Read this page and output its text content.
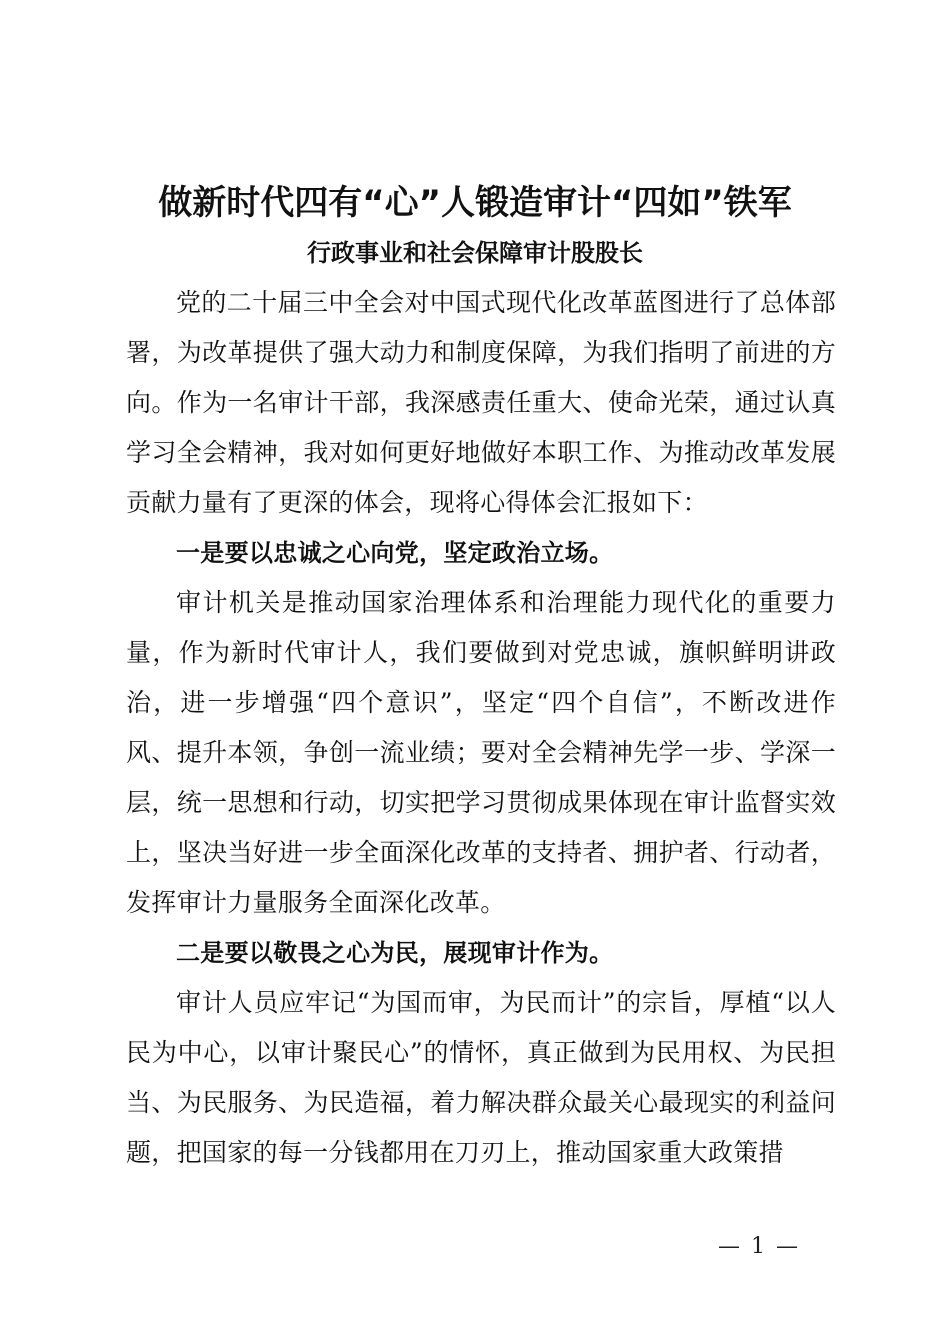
做新时代四有“心”人锻造审计“四如”铁军
行政事业和社会保障审计股股长

党的二十届三中全会对中国式现代化改革蓝图进行了总体部署，为改革提供了强大动力和制度保障，为我们指明了前进的方向。作为一名审计干部，我深感责任重大、使命光荣，通过认真学习全会精神，我对如何更好地做好本职工作、为推动改革发展贡献力量有了更深的体会，现将心得体会汇报如下：

一是要以忠诚之心向党，坚定政治立场。

审计机关是推动国家治理体系和治理能力现代化的重要力量，作为新时代审计人，我们要做到对党忠诚，旗帜鲜明讲政治，进一步增强“四个意识”，坚定“四个自信”，不断改进作风、提升本领，争创一流业绩；要对全会精神先学一步、学深一层，统一思想和行动，切实把学习贯彻成果体现在审计监督实效上，坚决当好进一步全面深化改革的支持者、拥护者、行动者，发挥审计力量服务全面深化改革。

二是要以敬畏之心为民，展现审计作为。

审计人员应牢记“为国而审，为民而计”的宗旨，厚植“以人民为中心，以审计聚民心”的情怀，真正做到为民用权、为民担当、为民服务、为民造福，着力解决群众最关心最现实的利益问题，把国家的每一分钱都用在刀刃上，推动国家重大政策措

— 1 —
